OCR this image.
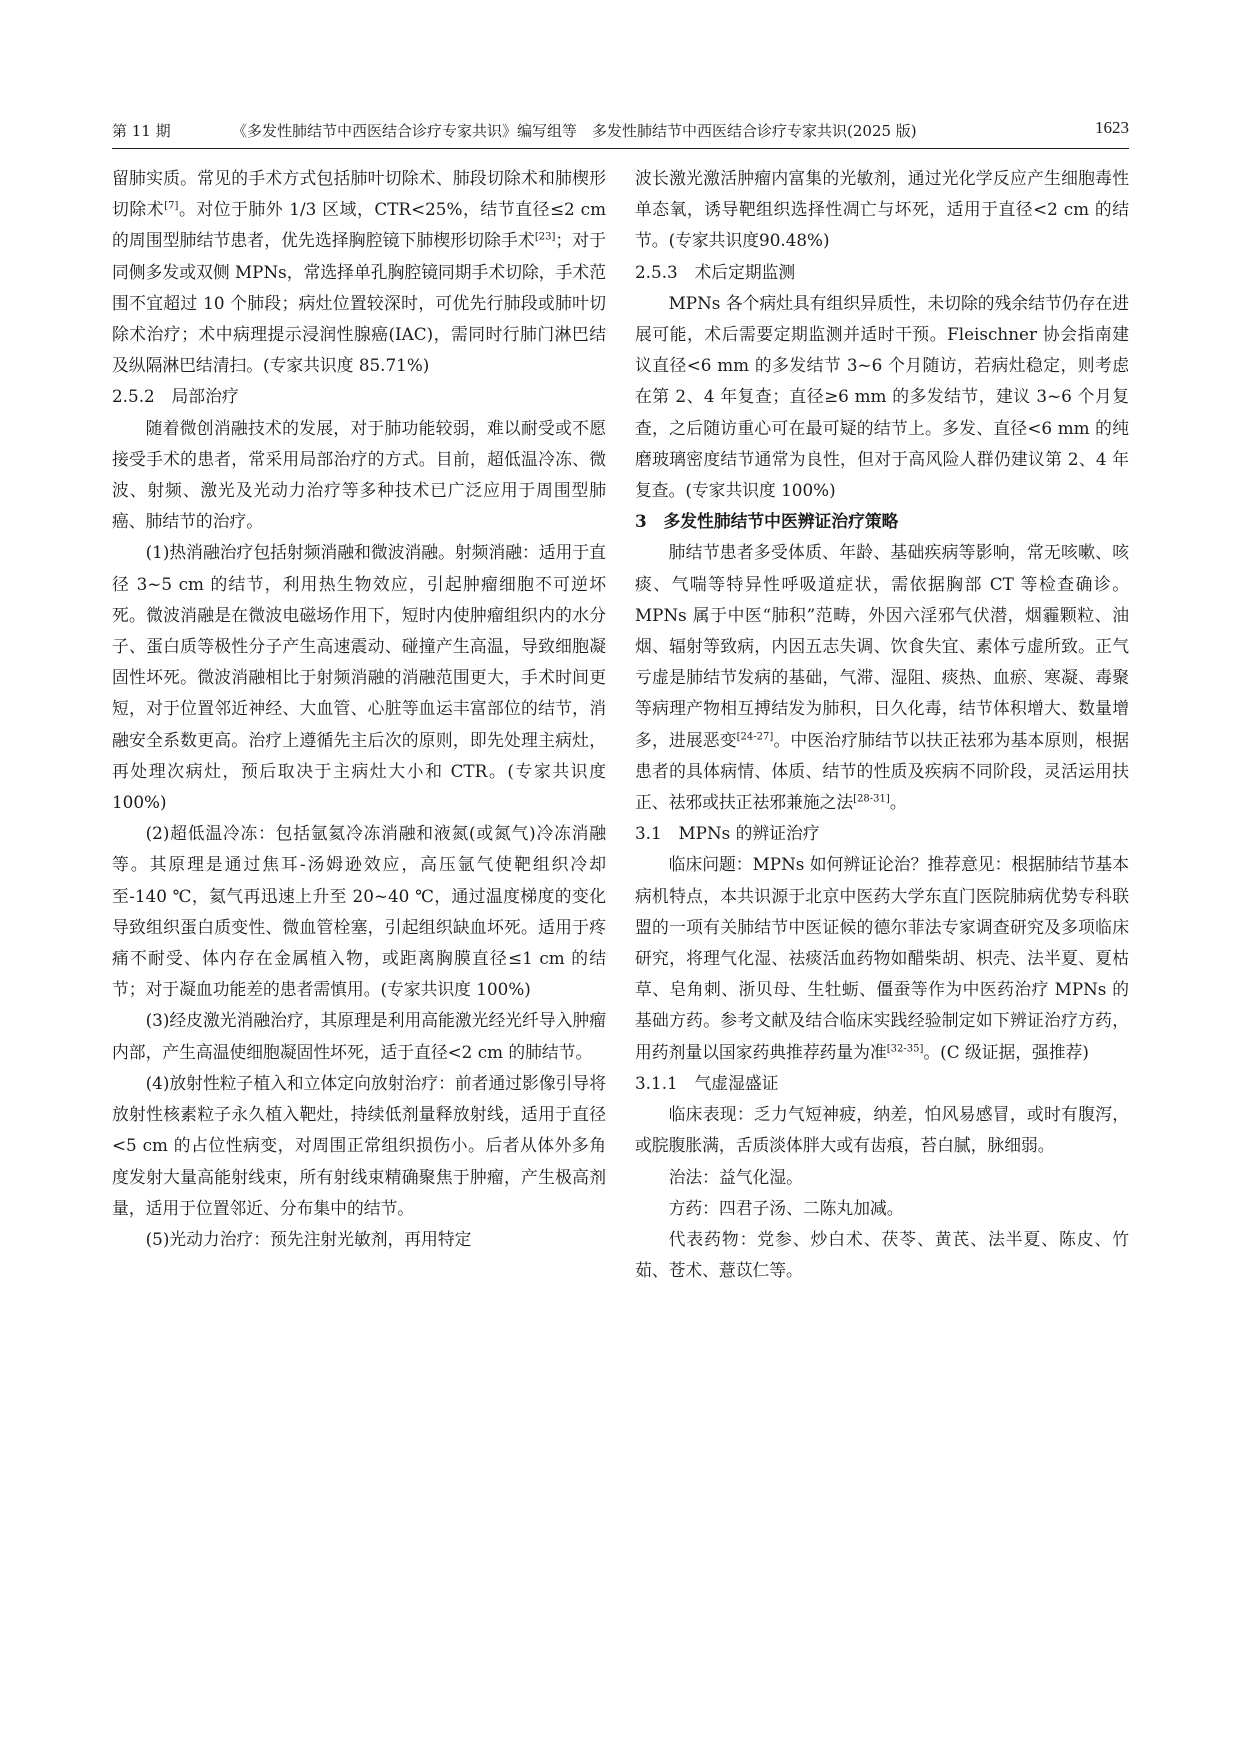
第 11 期	《多发性肺结节中西医结合诊疗专家共识》编写组等　多发性肺结节中西医结合诊疗专家共识(2025 版)	1623

留肺实质。常见的手术方式包括肺叶切除术、肺段切除术和肺楔形切除术[7]。对位于肺外 1/3 区域，CTR<25%，结节直径≤2 cm 的周围型肺结节患者，优先选择胸腔镜下肺楔形切除手术[23]；对于同侧多发或双侧 MPNs，常选择单孔胸腔镜同期手术切除，手术范围不宜超过 10 个肺段；病灶位置较深时，可优先行肺段或肺叶切除术治疗；术中病理提示浸润性腺癌(IAC)，需同时行肺门淋巴结及纵隔淋巴结清扫。(专家共识度 85.71%)

2.5.2 局部治疗

随着微创消融技术的发展，对于肺功能较弱，难以耐受或不愿接受手术的患者，常采用局部治疗的方式。目前，超低温冷冻、微波、射频、激光及光动力治疗等多种技术已广泛应用于周围型肺癌、肺结节的治疗。

(1)热消融治疗包括射频消融和微波消融。射频消融：适用于直径 3~5 cm 的结节，利用热生物效应，引起肿瘤细胞不可逆坏死。微波消融是在微波电磁场作用下，短时内使肿瘤组织内的水分子、蛋白质等极性分子产生高速震动、碰撞产生高温，导致细胞凝固性坏死。微波消融相比于射频消融的消融范围更大，手术时间更短，对于位置邻近神经、大血管、心脏等血运丰富部位的结节，消融安全系数更高。治疗上遵循先主后次的原则，即先处理主病灶，再处理次病灶，预后取决于主病灶大小和 CTR。(专家共识度 100%)

(2)超低温冷冻：包括氩氦冷冻消融和液氮(或氮气)冷冻消融等。其原理是通过焦耳-汤姆逊效应，高压氩气使靶组织冷却至-140 ℃，氦气再迅速上升至 20~40 ℃，通过温度梯度的变化导致组织蛋白质变性、微血管栓塞，引起组织缺血坏死。适用于疼痛不耐受、体内存在金属植入物，或距离胸膜直径≤1 cm 的结节；对于凝血功能差的患者需慎用。(专家共识度 100%)

(3)经皮激光消融治疗，其原理是利用高能激光经光纤导入肿瘤内部，产生高温使细胞凝固性坏死，适于直径<2 cm 的肺结节。

(4)放射性粒子植入和立体定向放射治疗：前者通过影像引导将放射性核素粒子永久植入靶灶，持续低剂量释放射线，适用于直径<5 cm 的占位性病变，对周围正常组织损伤小。后者从体外多角度发射大量高能射线束，所有射线束精确聚焦于肿瘤，产生极高剂量，适用于位置邻近、分布集中的结节。

(5)光动力治疗：预先注射光敏剂，再用特定

波长激光激活肿瘤内富集的光敏剂，通过光化学反应产生细胞毒性单态氧，诱导靶组织选择性凋亡与坏死，适用于直径<2 cm 的结节。(专家共识度90.48%)

2.5.3 术后定期监测

MPNs 各个病灶具有组织异质性，未切除的残余结节仍存在进展可能，术后需要定期监测并适时干预。Fleischner 协会指南建议直径<6 mm 的多发结节 3~6 个月随访，若病灶稳定，则考虑在第 2、4 年复查；直径≥6 mm 的多发结节，建议 3~6 个月复查，之后随访重心可在最可疑的结节上。多发、直径<6 mm 的纯磨玻璃密度结节通常为良性，但对于高风险人群仍建议第 2、4 年复查。(专家共识度 100%)

3 多发性肺结节中医辨证治疗策略

肺结节患者多受体质、年龄、基础疾病等影响，常无咳嗽、咳痰、气喘等特异性呼吸道症状，需依据胸部 CT 等检查确诊。MPNs 属于中医“肺积”范畴，外因六淫邪气伏潜，烟霾颗粒、油烟、辐射等致病，内因五志失调、饮食失宜、素体亏虚所致。正气亏虚是肺结节发病的基础，气滞、湿阻、痰热、血瘀、寒凝、毒聚等病理产物相互搏结发为肺积，日久化毒，结节体积增大、数量增多，进展恶变[24-27]。中医治疗肺结节以扶正祛邪为基本原则，根据患者的具体病情、体质、结节的性质及疾病不同阶段，灵活运用扶正、祛邪或扶正祛邪兼施之法[28-31]。

3.1 MPNs 的辨证治疗

临床问题：MPNs 如何辨证论治？推荐意见：根据肺结节基本病机特点，本共识源于北京中医药大学东直门医院肺病优势专科联盟的一项有关肺结节中医证候的德尔菲法专家调查研究及多项临床研究，将理气化湿、祛痰活血药物如醋柴胡、枳壳、法半夏、夏枯草、皂角刺、浙贝母、生牡蛎、僵蚕等作为中医药治疗 MPNs 的基础方药。参考文献及结合临床实践经验制定如下辨证治疗方药，用药剂量以国家药典推荐药量为准[32-35]。(C 级证据，强推荐)

3.1.1 气虚湿盛证

临床表现：乏力气短神疲，纳差，怕风易感冒，或时有腹泻，或脘腹胀满，舌质淡体胖大或有齿痕，苔白腻，脉细弱。

治法：益气化湿。

方药：四君子汤、二陈丸加减。

代表药物：党参、炒白术、茯苓、黄芪、法半夏、陈皮、竹茹、苍术、薏苡仁等。
